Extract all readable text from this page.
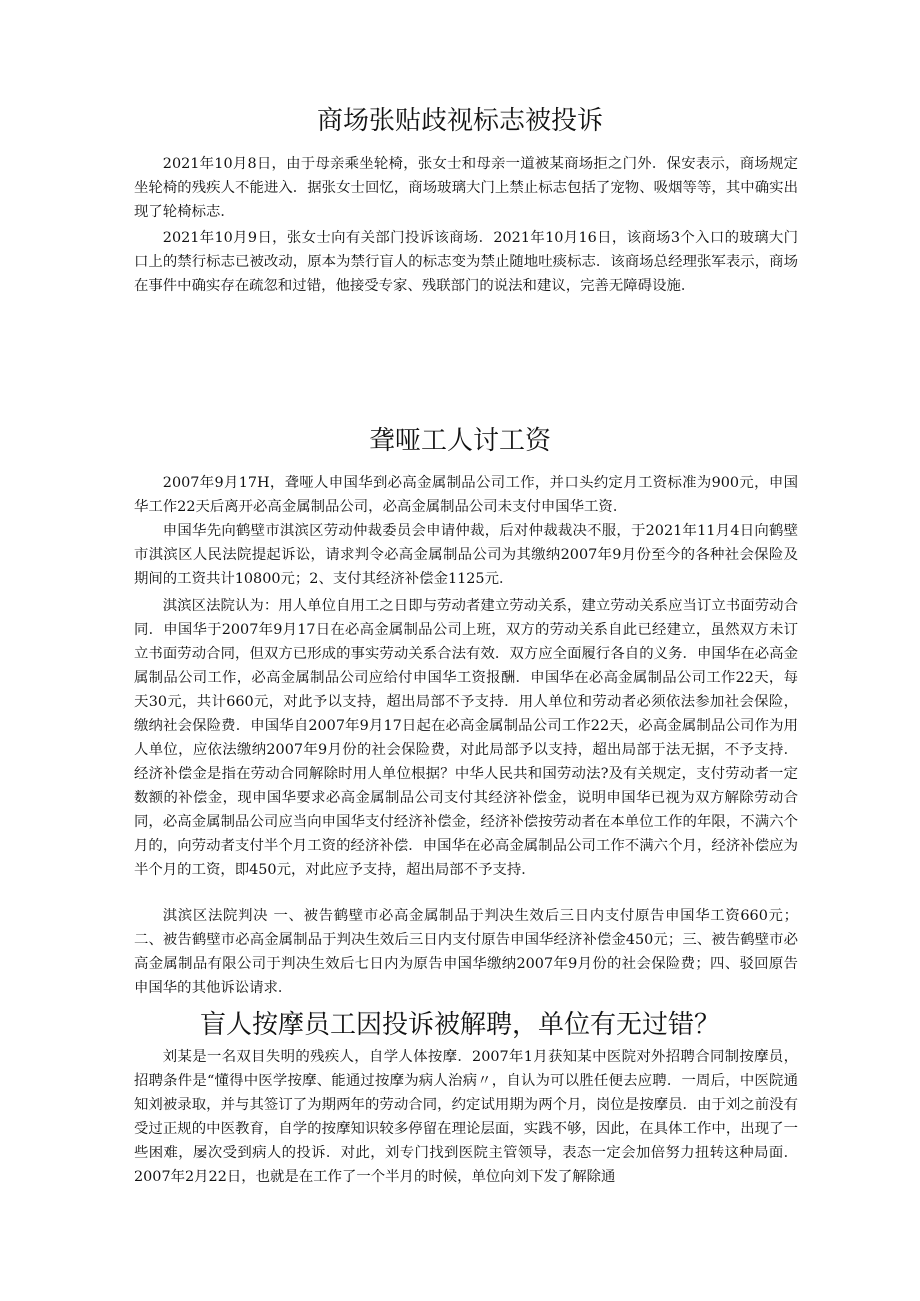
商场张贴歧视标志被投诉

2021年10月8日，由于母亲乘坐轮椅，张女士和母亲一道被某商场拒之门外．保安表示，商场规定坐轮椅的残疾人不能进入．据张女士回忆，商场玻璃大门上禁止标志包括了宠物、吸烟等等，其中确实出现了轮椅标志．

2021年10月9日，张女士向有关部门投诉该商场．2021年10月16日，该商场3个入口的玻璃大门口上的禁行标志已被改动，原本为禁行盲人的标志变为禁止随地吐痰标志．该商场总经理张军表示，商场在事件中确实存在疏忽和过错，他接受专家、残联部门的说法和建议，完善无障碍设施．

聋哑工人讨工资

2007年9月17H，聋哑人申国华到必高金属制品公司工作，并口头约定月工资标准为900元，申国华工作22天后离开必高金属制品公司，必高金属制品公司未支付申国华工资．

申国华先向鹤壁市淇滨区劳动仲裁委员会申请仲裁，后对仲裁裁决不服，于2021年11月4日向鹤壁市淇滨区人民法院提起诉讼，请求判令必高金属制品公司为其缴纳2007年9月份至今的各种社会保险及期间的工资共计10800元；2、支付其经济补偿金1125元．

淇滨区法院认为：用人单位自用工之日即与劳动者建立劳动关系，建立劳动关系应当订立书面劳动合同．申国华于2007年9月17日在必高金属制品公司上班，双方的劳动关系自此已经建立，虽然双方未订立书面劳动合同，但双方已形成的事实劳动关系合法有效．双方应全面履行各自的义务．申国华在必高金属制品公司工作，必高金属制品公司应给付申国华工资报酬．申国华在必高金属制品公司工作22天，每天30元，共计660元，对此予以支持，超出局部不予支持．用人单位和劳动者必须依法参加社会保险，缴纳社会保险费．申国华自2007年9月17日起在必高金属制品公司工作22天，必高金属制品公司作为用人单位，应依法缴纳2007年9月份的社会保险费，对此局部予以支持，超出局部于法无据，不予支持．经济补偿金是指在劳动合同解除时用人单位根据？中华人民共和国劳动法?及有关规定，支付劳动者一定数额的补偿金，现申国华要求必高金属制品公司支付其经济补偿金，说明申国华已视为双方解除劳动合同，必高金属制品公司应当向申国华支付经济补偿金，经济补偿按劳动者在本单位工作的年限，不满六个月的，向劳动者支付半个月工资的经济补偿．申国华在必高金属制品公司工作不满六个月，经济补偿应为半个月的工资，即450元，对此应予支持，超出局部不予支持．

淇滨区法院判决 一、被告鹤壁市必高金属制品于判决生效后三日内支付原告申国华工资660元；二、被告鹤壁市必高金属制品于判决生效后三日内支付原告申国华经济补偿金450元；三、被告鹤壁市必高金属制品有限公司于判决生效后七日内为原告申国华缴纳2007年9月份的社会保险费；四、驳回原告申国华的其他诉讼请求．

盲人按摩员工因投诉被解聘，单位有无过错？

刘某是一名双目失明的残疾人，自学人体按摩．2007年1月获知某中医院对外招聘合同制按摩员，招聘条件是“懂得中医学按摩、能通过按摩为病人治病〃，自认为可以胜任便去应聘．一周后，中医院通知刘被录取，并与其签订了为期两年的劳动合同，约定试用期为两个月，岗位是按摩员．由于刘之前没有受过正规的中医教育，自学的按摩知识较多停留在理论层面，实践不够，因此，在具体工作中，出现了一些困难，屡次受到病人的投诉．对此，刘专门找到医院主管领导，表态一定会加倍努力扭转这种局面．2007年2月22日，也就是在工作了一个半月的时候，单位向刘下发了解除通
